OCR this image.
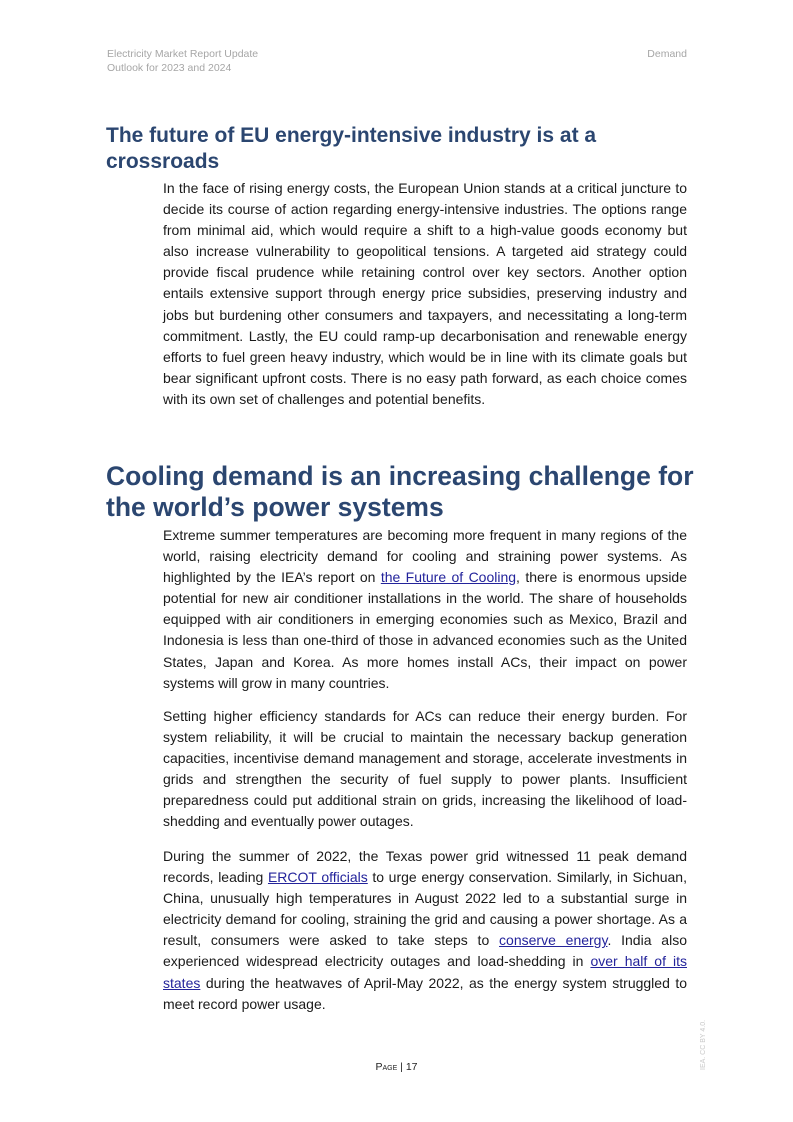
Electricity Market Report Update
Outlook for 2023 and 2024
Demand
The future of EU energy-intensive industry is at a crossroads

In the face of rising energy costs, the European Union stands at a critical juncture to decide its course of action regarding energy-intensive industries. The options range from minimal aid, which would require a shift to a high-value goods economy but also increase vulnerability to geopolitical tensions. A targeted aid strategy could provide fiscal prudence while retaining control over key sectors. Another option entails extensive support through energy price subsidies, preserving industry and jobs but burdening other consumers and taxpayers, and necessitating a long-term commitment. Lastly, the EU could ramp-up decarbonisation and renewable energy efforts to fuel green heavy industry, which would be in line with its climate goals but bear significant upfront costs. There is no easy path forward, as each choice comes with its own set of challenges and potential benefits.

Cooling demand is an increasing challenge for the world’s power systems

Extreme summer temperatures are becoming more frequent in many regions of the world, raising electricity demand for cooling and straining power systems. As highlighted by the IEA’s report on the Future of Cooling, there is enormous upside potential for new air conditioner installations in the world. The share of households equipped with air conditioners in emerging economies such as Mexico, Brazil and Indonesia is less than one-third of those in advanced economies such as the United States, Japan and Korea. As more homes install ACs, their impact on power systems will grow in many countries.

Setting higher efficiency standards for ACs can reduce their energy burden. For system reliability, it will be crucial to maintain the necessary backup generation capacities, incentivise demand management and storage, accelerate investments in grids and strengthen the security of fuel supply to power plants. Insufficient preparedness could put additional strain on grids, increasing the likelihood of load-shedding and eventually power outages.

During the summer of 2022, the Texas power grid witnessed 11 peak demand records, leading ERCOT officials to urge energy conservation. Similarly, in Sichuan, China, unusually high temperatures in August 2022 led to a substantial surge in electricity demand for cooling, straining the grid and causing a power shortage. As a result, consumers were asked to take steps to conserve energy. India also experienced widespread electricity outages and load-shedding in over half of its states during the heatwaves of April-May 2022, as the energy system struggled to meet record power usage.

Page | 17	IEA. CC BY 4.0.
